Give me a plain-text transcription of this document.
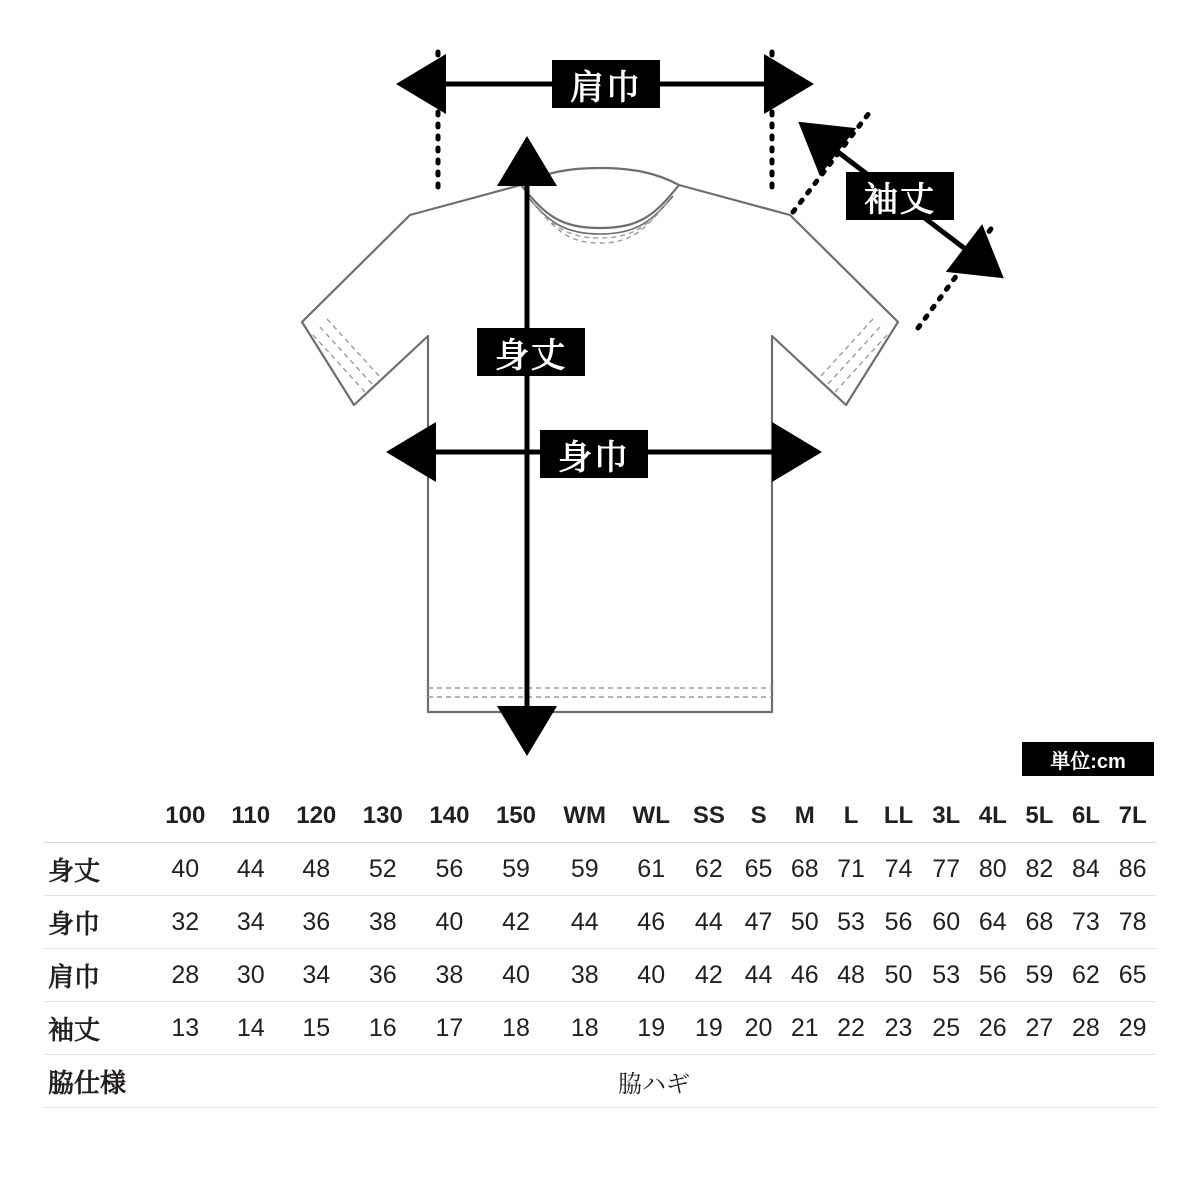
肩巾
袖丈
身丈
身巾
単位:cm
	100	110	120	130	140	150	WM	WL	SS	S	M	L	LL	3L	4L	5L	6L	7L
身丈	40	44	48	52	56	59	59	61	62	65	68	71	74	77	80	82	84	86
身巾	32	34	36	38	40	42	44	46	44	47	50	53	56	60	64	68	73	78
肩巾	28	30	34	36	38	40	38	40	42	44	46	48	50	53	56	59	62	65
袖丈	13	14	15	16	17	18	18	19	19	20	21	22	23	25	26	27	28	29
脇仕様	脇ハギ																	
